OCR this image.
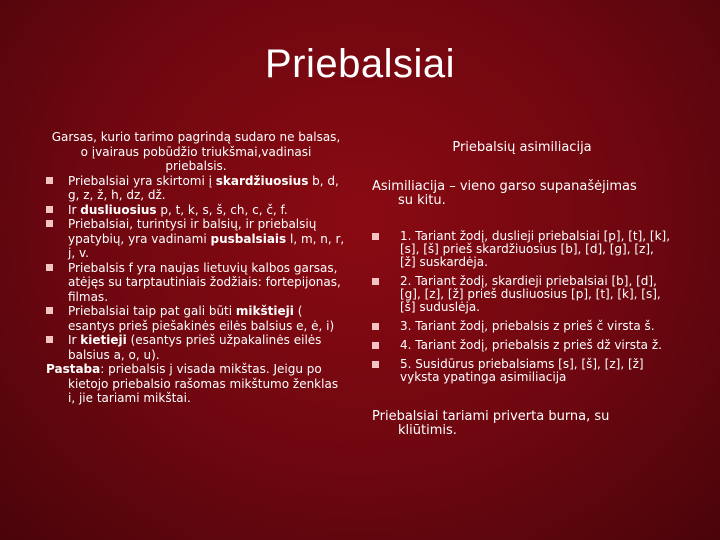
Priebalsiai
Garsas, kurio tarimo pagrindą sudaro ne balsas, o įvairaus pobūdžio triukšmai,vadinasi priebalsis.
Priebalsiai yra skirtomi į skardžiuosius b, d, g, z, ž, h, dz, dž.
Ir dusliuosius p, t, k, s, š, ch, c, č, f.
Priebalsiai, turintysi ir balsių, ir priebalsių ypatybių, yra vadinami pusbalsiais l, m, n, r, j, v.
Priebalsis f yra naujas lietuvių kalbos garsas, atėjęs su tarptautiniais žodžiais: fortepijonas, filmas.
Priebalsiai taip pat gali būti mikštieji ( esantys prieš piešakinės eilės balsius e, ė, i)
Ir kietieji (esantys prieš užpakalinės eilės balsius a, o, u).
Pastaba: priebalsis j visada mikštas. Jeigu po
kietojo priebalsio rašomas mikštumo ženklas i, jie tariami mikštai.
Priebalsių asimiliacija
Asimiliacija – vieno garso supanašėjimas
su kitu.
1. Tariant žodį, duslieji priebalsiai [p], [t], [k], [s], [š] prieš skardžiuosius [b], [d], [g], [z], [ž] suskardėja.
2. Tariant žodį, skardieji priebalsiai [b], [d], [g], [z], [ž] prieš dusliuosius [p], [t], [k], [s], [š] suduslėja.
3. Tariant žodį, priebalsis z prieš č virsta š.
4. Tariant žodį, priebalsis z prieš dž virsta ž.
5. Susidūrus priebalsiams [s], [š], [z], [ž] vyksta ypatinga asimiliacija
Priebalsiai tariami priverta burna, su
kliūtimis.
